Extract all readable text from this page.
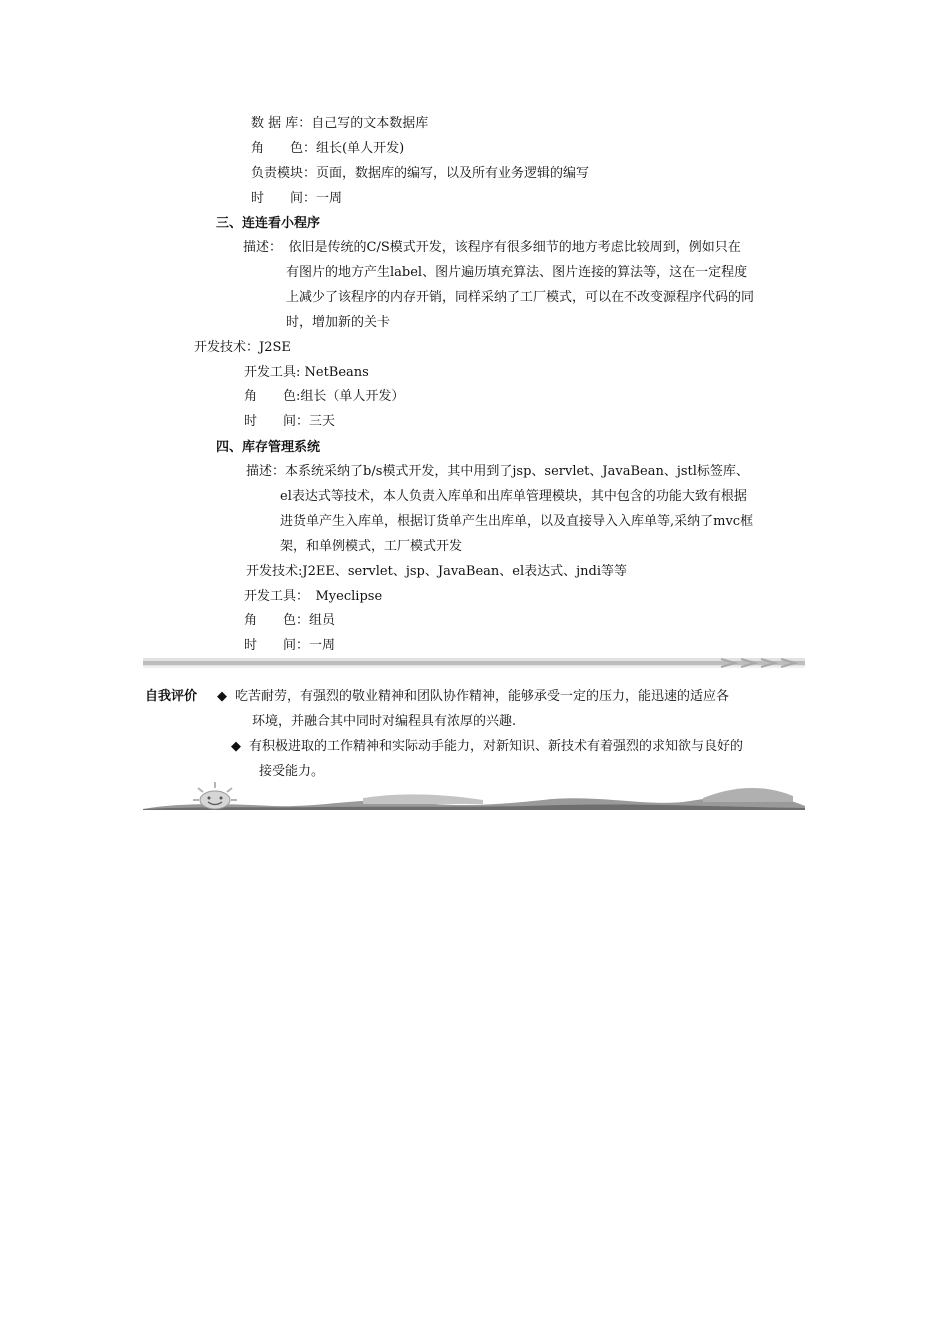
数 据 库：自己写的文本数据库
角　　色：组长(单人开发)
负责模块：页面，数据库的编写，以及所有业务逻辑的编写
时　　间：一周
三、连连看小程序
描述：　依旧是传统的C/S模式开发，该程序有很多细节的地方考虑比较周到，例如只在
有图片的地方产生label、图片遍历填充算法、图片连接的算法等，这在一定程度
上减少了该程序的内存开销，同样采纳了工厂模式，可以在不改变源程序代码的同
时，增加新的关卡
开发技术：J2SE
开发工具: NetBeans
角　　色:组长（单人开发）
时　　间：三天
四、库存管理系统
描述：本系统采纳了b/s模式开发，其中用到了jsp、servlet、JavaBean、jstl标签库、
el表达式等技术，本人负责入库单和出库单管理模块，其中包含的功能大致有根据
进货单产生入库单，根据订货单产生出库单，以及直接导入入库单等,采纳了mvc框
架，和单例模式，工厂模式开发
开发技术:J2EE、servlet、jsp、JavaBean、el表达式、jndi等等
开发工具：　Myeclipse
角　　色：组员
时　　间：一周
自我评价 ◆ 吃苦耐劳，有强烈的敬业精神和团队协作精神，能够承受一定的压力，能迅速的适应各
环境，并融合其中同时对编程具有浓厚的兴趣.
◆ 有积极进取的工作精神和实际动手能力，对新知识、新技术有着强烈的求知欲与良好的
接受能力。
